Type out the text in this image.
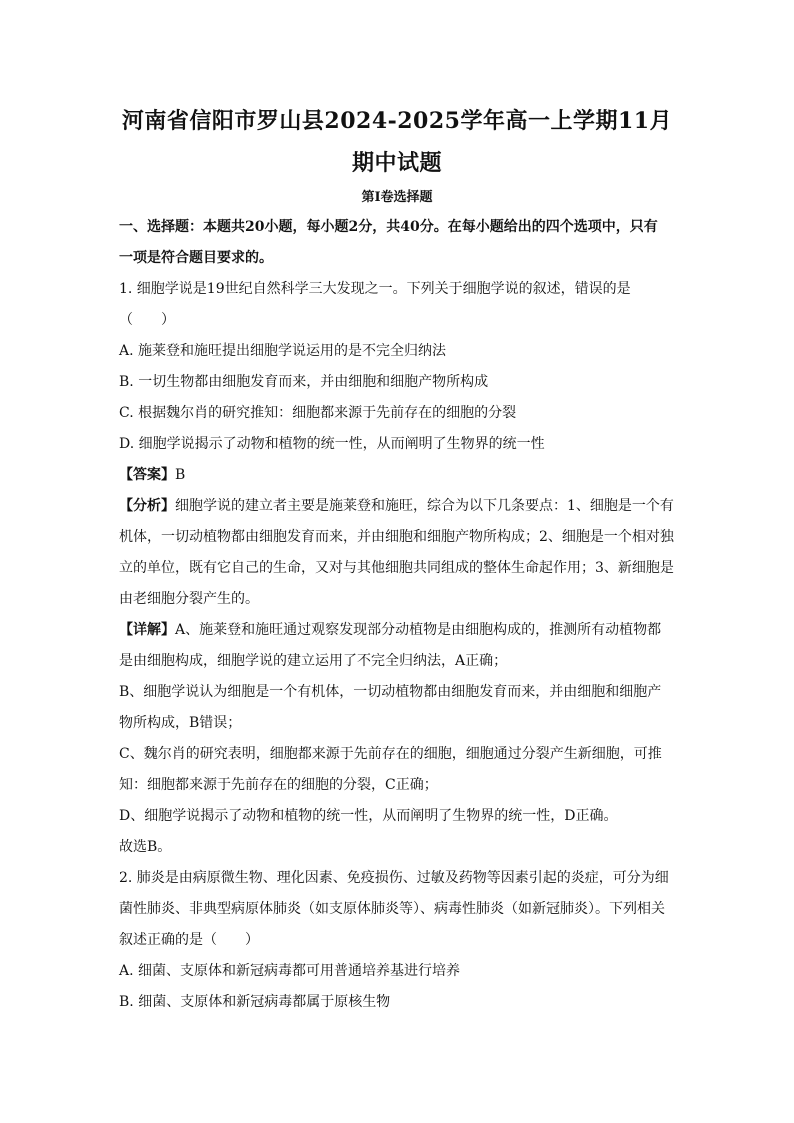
河南省信阳市罗山县2024-2025学年高一上学期11月
期中试题
第Ⅰ卷选择题
一、选择题：本题共20小题，每小题2分，共40分。在每小题给出的四个选项中，只有
一项是符合题目要求的。
1. 细胞学说是19世纪自然科学三大发现之一。下列关于细胞学说的叙述，错误的是
（　　）
A. 施莱登和施旺提出细胞学说运用的是不完全归纳法
B. 一切生物都由细胞发育而来，并由细胞和细胞产物所构成
C. 根据魏尔肖的研究推知：细胞都来源于先前存在的细胞的分裂
D. 细胞学说揭示了动物和植物的统一性，从而阐明了生物界的统一性
【答案】B
【分析】细胞学说的建立者主要是施莱登和施旺，综合为以下几条要点：1、细胞是一个有
机体，一切动植物都由细胞发育而来，并由细胞和细胞产物所构成；2、细胞是一个相对独
立的单位，既有它自己的生命，又对与其他细胞共同组成的整体生命起作用；3、新细胞是
由老细胞分裂产生的。
【详解】A、施莱登和施旺通过观察发现部分动植物是由细胞构成的，推测所有动植物都
是由细胞构成，细胞学说的建立运用了不完全归纳法，A正确；
B、细胞学说认为细胞是一个有机体，一切动植物都由细胞发育而来，并由细胞和细胞产
物所构成，B错误；
C、魏尔肖的研究表明，细胞都来源于先前存在的细胞，细胞通过分裂产生新细胞，可推
知：细胞都来源于先前存在的细胞的分裂，C正确；
D、细胞学说揭示了动物和植物的统一性，从而阐明了生物界的统一性，D正确。
故选B。
2. 肺炎是由病原微生物、理化因素、免疫损伤、过敏及药物等因素引起的炎症，可分为细
菌性肺炎、非典型病原体肺炎（如支原体肺炎等）、病毒性肺炎（如新冠肺炎）。下列相关
叙述正确的是（　　）
A. 细菌、支原体和新冠病毒都可用普通培养基进行培养
B. 细菌、支原体和新冠病毒都属于原核生物
